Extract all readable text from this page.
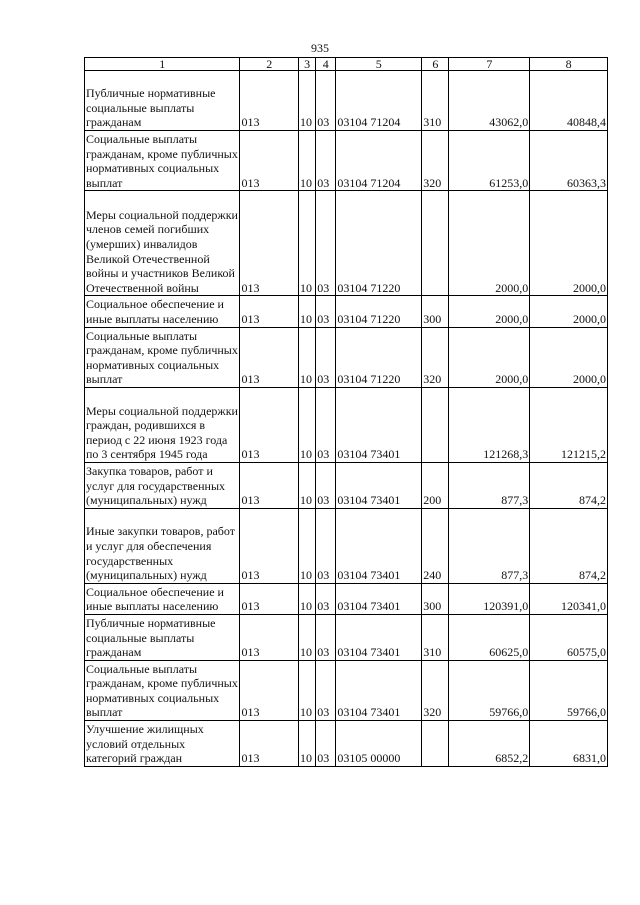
935
1	2	3	4	5	6	7	8

Публичные нормативные социальные выплаты гражданам	013	10	03	03104 71204	310	43062,0	40848,4

Социальные выплаты гражданам, кроме публичных нормативных социальных выплат	013	10	03	03104 71204	320	61253,0	60363,3

Меры социальной поддержки членов семей погибших (умерших) инвалидов Великой Отечественной войны и участников Великой Отечественной войны	013	10	03	03104 71220		2000,0	2000,0

Социальное обеспечение и иные выплаты населению	013	10	03	03104 71220	300	2000,0	2000,0

Социальные выплаты гражданам, кроме публичных нормативных социальных выплат	013	10	03	03104 71220	320	2000,0	2000,0

Меры социальной поддержки граждан, родившихся в период с 22 июня 1923 года по 3 сентября 1945 года	013	10	03	03104 73401		121268,3	121215,2

Закупка товаров, работ и услуг для государственных (муниципальных) нужд	013	10	03	03104 73401	200	877,3	874,2

Иные закупки товаров, работ и услуг для обеспечения государственных (муниципальных) нужд	013	10	03	03104 73401	240	877,3	874,2

Социальное обеспечение и иные выплаты населению	013	10	03	03104 73401	300	120391,0	120341,0

Публичные нормативные социальные выплаты гражданам	013	10	03	03104 73401	310	60625,0	60575,0

Социальные выплаты гражданам, кроме публичных нормативных социальных выплат	013	10	03	03104 73401	320	59766,0	59766,0

Улучшение жилищных условий отдельных категорий граждан	013	10	03	03105 00000		6852,2	6831,0
